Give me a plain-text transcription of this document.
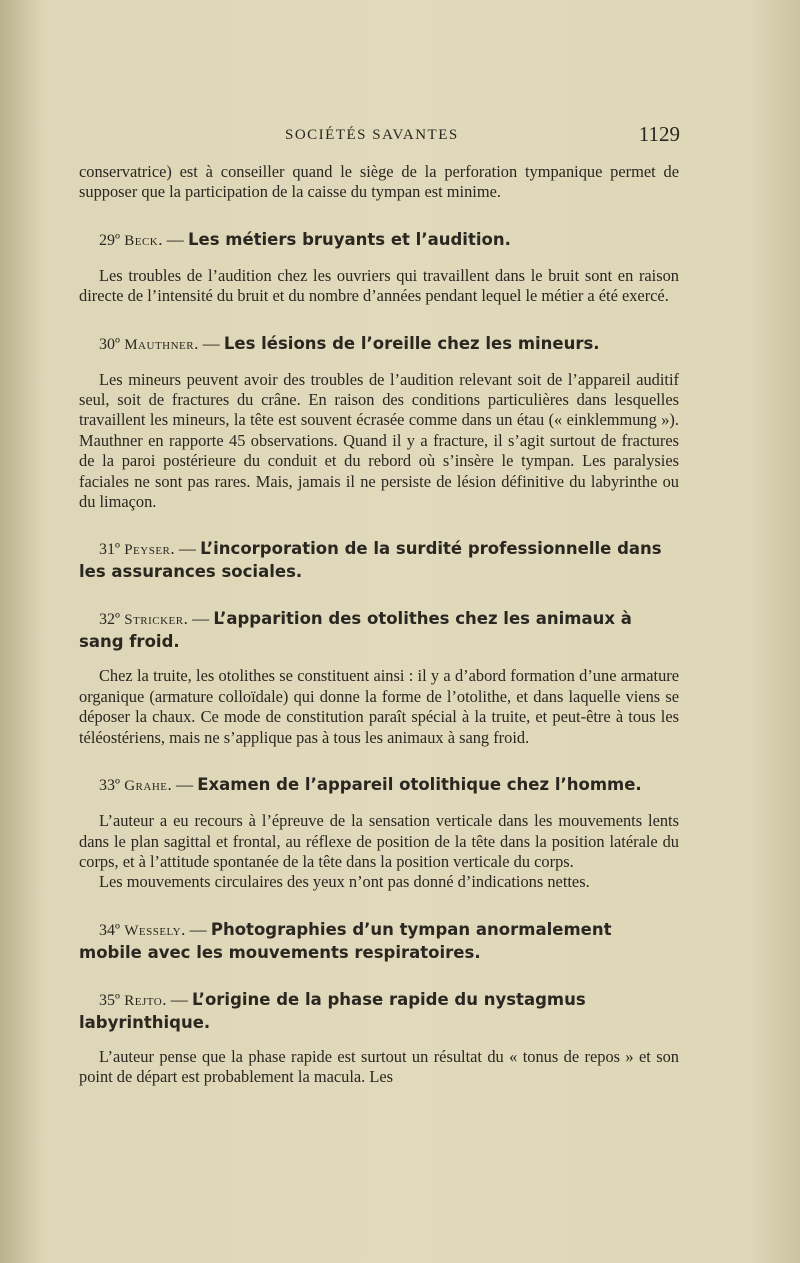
SOCIÉTÉS SAVANTES	1129

conservatrice) est à conseiller quand le siège de la perforation tympanique permet de supposer que la participation de la caisse du tympan est minime.

29º Beck. — Les métiers bruyants et l’audition.

Les troubles de l’audition chez les ouvriers qui travaillent dans le bruit sont en raison directe de l’intensité du bruit et du nombre d’années pendant lequel le métier a été exercé.

30º Mauthner. — Les lésions de l’oreille chez les mineurs.

Les mineurs peuvent avoir des troubles de l’audition relevant soit de l’appareil auditif seul, soit de fractures du crâne. En raison des conditions particulières dans lesquelles travaillent les mineurs, la tête est souvent écrasée comme dans un étau (« einklemmung »). Mauthner en rapporte 45 observations. Quand il y a fracture, il s’agit surtout de fractures de la paroi postérieure du conduit et du rebord où s’insère le tympan. Les paralysies faciales ne sont pas rares. Mais, jamais il ne persiste de lésion définitive du labyrinthe ou du limaçon.

31º Peyser. — L’incorporation de la surdité professionnelle dans les assurances sociales.
32º Stricker. — L’apparition des otolithes chez les animaux à sang froid.

Chez la truite, les otolithes se constituent ainsi : il y a d’abord formation d’une armature organique (armature colloïdale) qui donne la forme de l’otolithe, et dans laquelle viens se déposer la chaux. Ce mode de constitution paraît spécial à la truite, et peut-être à tous les téléostériens, mais ne s’applique pas à tous les animaux à sang froid.

33º Grahe. — Examen de l’appareil otolithique chez l’homme.

L’auteur a eu recours à l’épreuve de la sensation verticale dans les mouvements lents dans le plan sagittal et frontal, au réflexe de position de la tête dans la position latérale du corps, et à l’attitude spontanée de la tête dans la position verticale du corps.

Les mouvements circulaires des yeux n’ont pas donné d’indications nettes.

34º Wessely. — Photographies d’un tympan anormalement mobile avec les mouvements respiratoires.
35º Rejto. — L’origine de la phase rapide du nystagmus labyrinthique.

L’auteur pense que la phase rapide est surtout un résultat du « tonus de repos » et son point de départ est probablement la macula. Les
